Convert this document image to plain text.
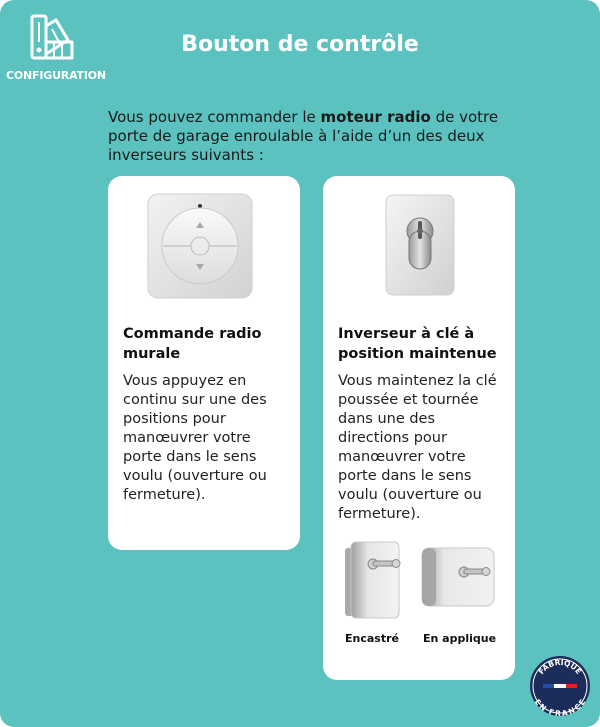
CONFIGURATION
Bouton de contrôle
Vous pouvez commander le moteur radio de votre porte de garage enroulable à l’aide d’un des deux inverseurs suivants :
Commande radio murale
Vous appuyez en continu sur une des positions pour manœuvrer votre porte dans le sens voulu (ouverture ou fermeture).
Inverseur à clé à position maintenue
Vous maintenez la clé poussée et tournée dans une des directions pour manœuvrer votre porte dans le sens voulu (ouverture ou fermeture).
Encastré En applique
FABRIQUÉ
EN FRANCE
